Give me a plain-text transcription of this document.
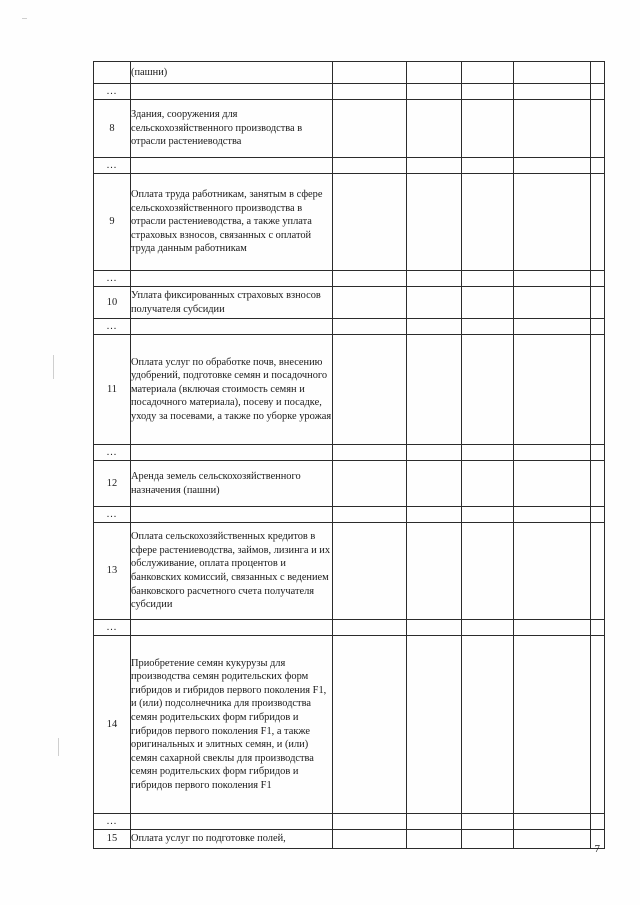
	(пашни)					
...						
8	Здания, сооружения для сельскохозяйственного производства в отрасли растениеводства					
...						
9	Оплата труда работникам, занятым в сфере сельскохозяйственного производства в отрасли растениеводства, а также уплата страховых взносов, связанных с оплатой труда данным работникам					
...						
10	Уплата фиксированных страховых взносов получателя субсидии					
...						
11	Оплата услуг по обработке почв, внесению удобрений, подготовке семян и посадочного материала (включая стоимость семян и посадочного материала), посеву и посадке, уходу за посевами, а также по уборке урожая					
...						
12	Аренда земель сельскохозяйственного назначения (пашни)					
...						
13	Оплата сельскохозяйственных кредитов в сфере растениеводства, займов, лизинга и их обслуживание, оплата процентов и банковских комиссий, связанных с ведением банковского расчетного счета получателя субсидии					
...						
14	Приобретение семян кукурузы для производства семян родительских форм гибридов и гибридов первого поколения F1, и (или) подсолнечника для производства семян родительских форм гибридов и гибридов первого поколения F1, а также оригинальных и элитных семян, и (или) семян сахарной свеклы для производства семян родительских форм гибридов и гибридов первого поколения F1					
...						
15	Оплата услуг по подготовке полей,					
7
